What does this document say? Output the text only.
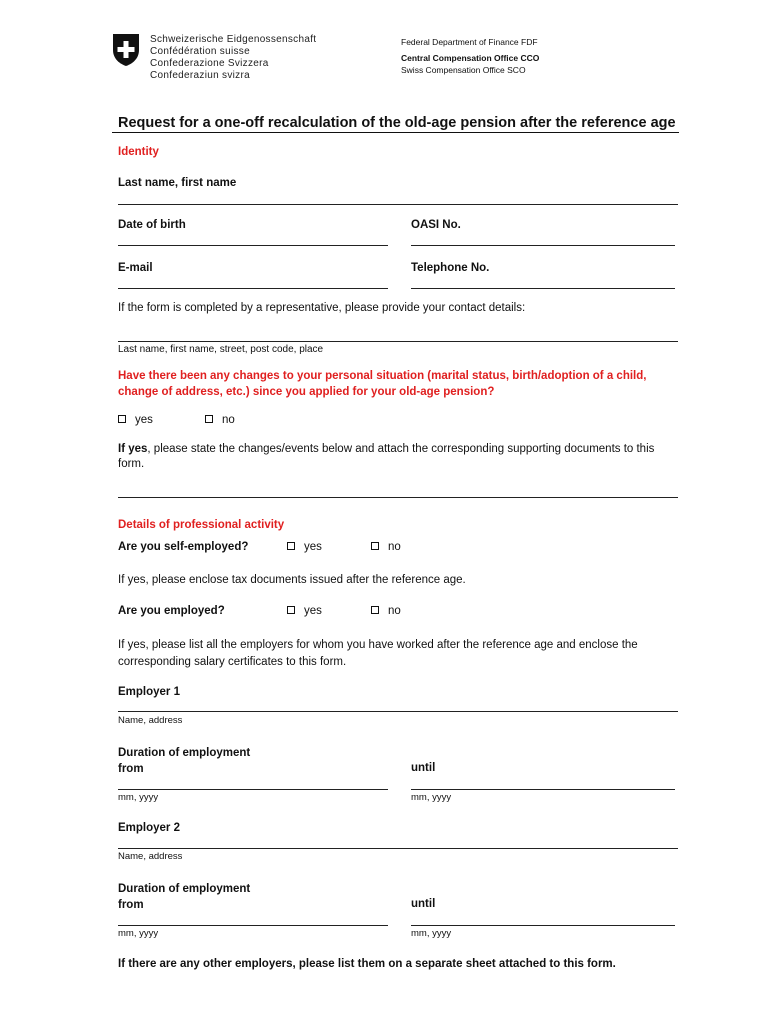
Schweizerische Eidgenossenschaft
Confédération suisse
Confederazione Svizzera
Confederaziun svizra
Federal Department of Finance FDF
Central Compensation Office CCO
Swiss Compensation Office SCO
Request for a one-off recalculation of the old-age pension after the reference age
Identity
Last name, first name
Date of birth	OASI No.
E-mail	Telephone No.
If the form is completed by a representative, please provide your contact details:
Last name, first name, street, post code, place
Have there been any changes to your personal situation (marital status, birth/adoption of a child,
change of address, etc.) since you applied for your old-age pension?
yes	no
If yes, please state the changes/events below and attach the corresponding supporting documents to this
form.
Details of professional activity
Are you self-employed?	yes	no
If yes, please enclose tax documents issued after the reference age.
Are you employed?	yes	no
If yes, please list all the employers for whom you have worked after the reference age and enclose the
corresponding salary certificates to this form.
Employer 1
Name, address
Duration of employment
from	until
mm, yyyy	mm, yyyy
Employer 2
Name, address
Duration of employment
from	until
mm, yyyy	mm, yyyy
If there are any other employers, please list them on a separate sheet attached to this form.
